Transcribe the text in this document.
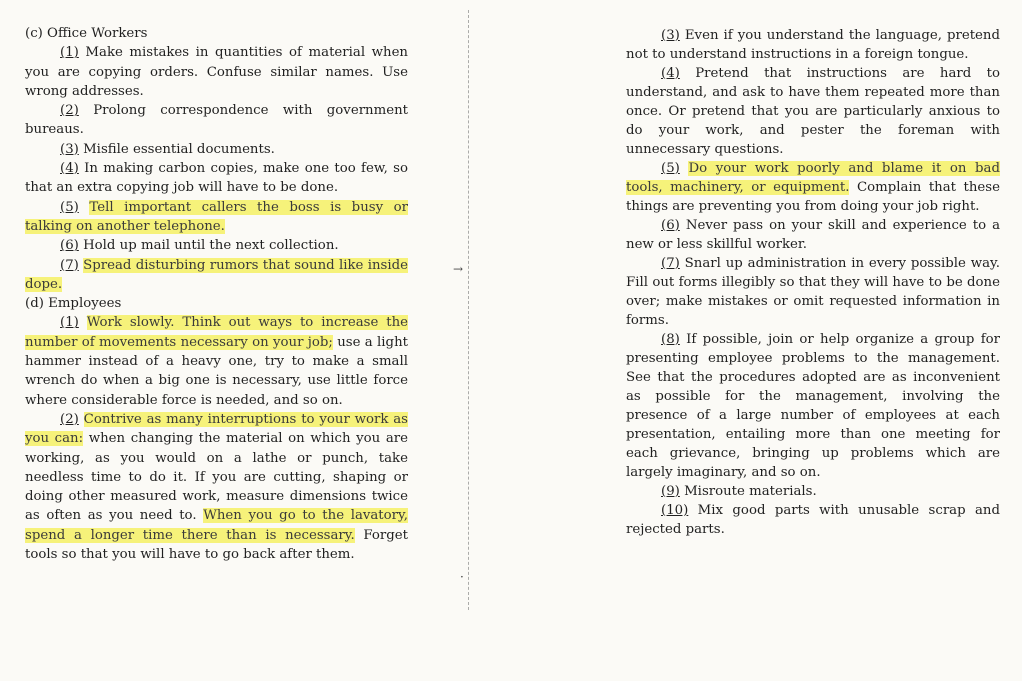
→
·

(c) Office Workers

(1) Make mistakes in quantities of material when you are copying orders. Confuse similar names. Use wrong addresses.

(2) Prolong correspondence with government bureaus.

(3) Misfile essential documents.

(4) In making carbon copies, make one too few, so that an extra copying job will have to be done.

(5) Tell important callers the boss is busy or talking on another telephone.

(6) Hold up mail until the next collection.

(7) Spread disturbing rumors that sound like inside dope.

(d) Employees

(1) Work slowly. Think out ways to increase the number of movements necessary on your job; use a light hammer instead of a heavy one, try to make a small wrench do when a big one is necessary, use little force where considerable force is needed, and so on.

(2) Contrive as many interruptions to your work as you can: when changing the material on which you are working, as you would on a lathe or punch, take needless time to do it. If you are cutting, shaping or doing other measured work, measure dimensions twice as often as you need to. When you go to the lavatory, spend a longer time there than is necessary. Forget tools so that you will have to go back after them.

(3) Even if you understand the language, pretend not to understand instructions in a foreign tongue.

(4) Pretend that instructions are hard to understand, and ask to have them repeated more than once. Or pretend that you are particularly anxious to do your work, and pester the foreman with unnecessary questions.

(5) Do your work poorly and blame it on bad tools, machinery, or equipment. Complain that these things are preventing you from doing your job right.

(6) Never pass on your skill and experience to a new or less skillful worker.

(7) Snarl up administration in every possible way. Fill out forms illegibly so that they will have to be done over; make mistakes or omit requested information in forms.

(8) If possible, join or help organize a group for presenting employee problems to the management. See that the procedures adopted are as inconvenient as possible for the management, involving the presence of a large number of employees at each presentation, entailing more than one meeting for each grievance, bringing up problems which are largely imaginary, and so on.

(9) Misroute materials.

(10) Mix good parts with unusable scrap and rejected parts.
